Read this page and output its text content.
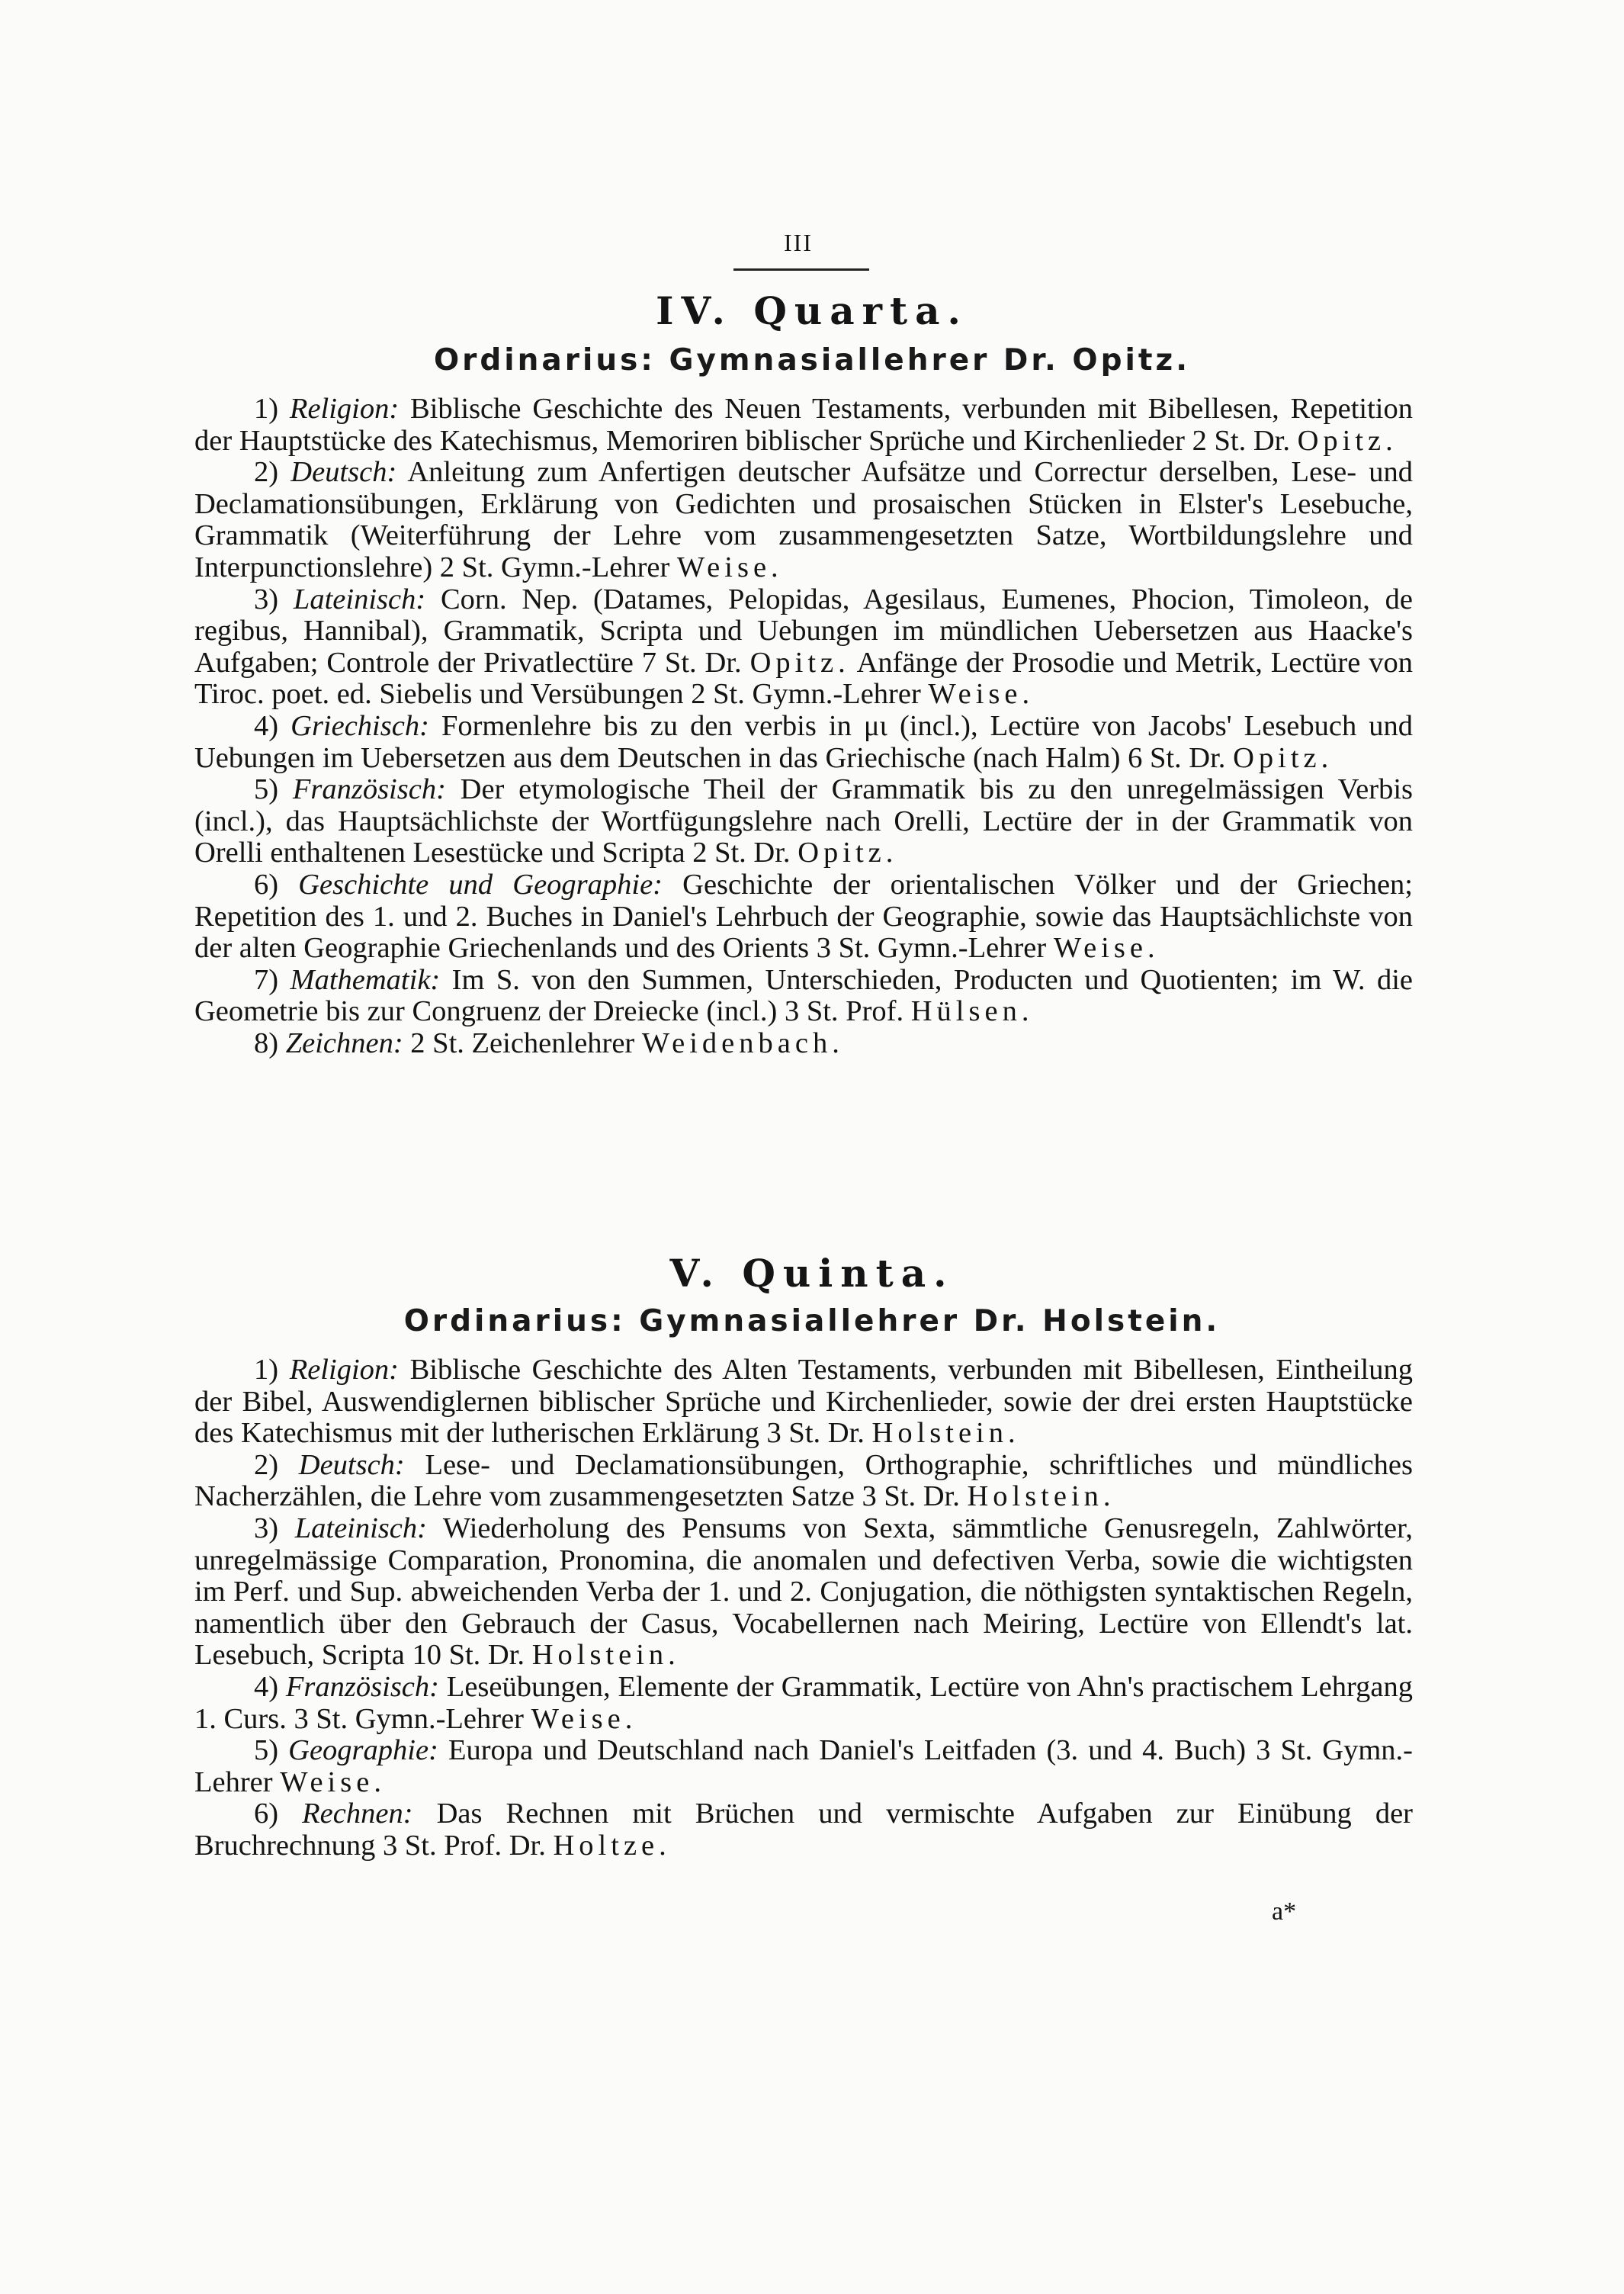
III
IV. Quarta.
Ordinarius: Gymnasiallehrer Dr. Opitz.

1) Religion: Biblische Geschichte des Neuen Testaments, verbunden mit Bibellesen, Repetition der Hauptstücke des Katechismus, Memoriren biblischer Sprüche und Kirchenlieder 2 St. Dr. Opitz.

2) Deutsch: Anleitung zum Anfertigen deutscher Aufsätze und Correctur derselben, Lese- und Declamationsübungen, Erklärung von Gedichten und prosaischen Stücken in Elster's Lesebuche, Grammatik (Weiterführung der Lehre vom zusammengesetzten Satze, Wortbildungslehre und Interpunctionslehre) 2 St. Gymn.-Lehrer Weise.

3) Lateinisch: Corn. Nep. (Datames, Pelopidas, Agesilaus, Eumenes, Phocion, Timoleon, de regibus, Hannibal), Grammatik, Scripta und Uebungen im mündlichen Uebersetzen aus Haacke's Aufgaben; Controle der Privatlectüre 7 St. Dr. Opitz. Anfänge der Prosodie und Metrik, Lectüre von Tiroc. poet. ed. Siebelis und Versübungen 2 St. Gymn.-Lehrer Weise.

4) Griechisch: Formenlehre bis zu den verbis in μι (incl.), Lectüre von Jacobs' Lesebuch und Uebungen im Uebersetzen aus dem Deutschen in das Griechische (nach Halm) 6 St. Dr. Opitz.

5) Französisch: Der etymologische Theil der Grammatik bis zu den unregelmässigen Verbis (incl.), das Hauptsächlichste der Wortfügungslehre nach Orelli, Lectüre der in der Grammatik von Orelli enthaltenen Lesestücke und Scripta 2 St. Dr. Opitz.

6) Geschichte und Geographie: Geschichte der orientalischen Völker und der Griechen; Repetition des 1. und 2. Buches in Daniel's Lehrbuch der Geographie, sowie das Hauptsächlichste von der alten Geographie Griechenlands und des Orients 3 St. Gymn.-Lehrer Weise.

7) Mathematik: Im S. von den Summen, Unterschieden, Producten und Quotienten; im W. die Geometrie bis zur Congruenz der Dreiecke (incl.) 3 St. Prof. Hülsen.

8) Zeichnen: 2 St. Zeichenlehrer Weidenbach.

V. Quinta.
Ordinarius: Gymnasiallehrer Dr. Holstein.

1) Religion: Biblische Geschichte des Alten Testaments, verbunden mit Bibellesen, Eintheilung der Bibel, Auswendiglernen biblischer Sprüche und Kirchenlieder, sowie der drei ersten Hauptstücke des Katechismus mit der lutherischen Erklärung 3 St. Dr. Holstein.

2) Deutsch: Lese- und Declamationsübungen, Orthographie, schriftliches und mündliches Nacherzählen, die Lehre vom zusammengesetzten Satze 3 St. Dr. Holstein.

3) Lateinisch: Wiederholung des Pensums von Sexta, sämmtliche Genusregeln, Zahlwörter, unregelmässige Comparation, Pronomina, die anomalen und defectiven Verba, sowie die wichtigsten im Perf. und Sup. abweichenden Verba der 1. und 2. Conjugation, die nöthigsten syntaktischen Regeln, namentlich über den Gebrauch der Casus, Vocabellernen nach Meiring, Lectüre von Ellendt's lat. Lesebuch, Scripta 10 St. Dr. Holstein.

4) Französisch: Leseübungen, Elemente der Grammatik, Lectüre von Ahn's practischem Lehrgang 1. Curs. 3 St. Gymn.-Lehrer Weise.

5) Geographie: Europa und Deutschland nach Daniel's Leitfaden (3. und 4. Buch) 3 St. Gymn.-Lehrer Weise.

6) Rechnen: Das Rechnen mit Brüchen und vermischte Aufgaben zur Einübung der Bruchrechnung 3 St. Prof. Dr. Holtze.

a*
